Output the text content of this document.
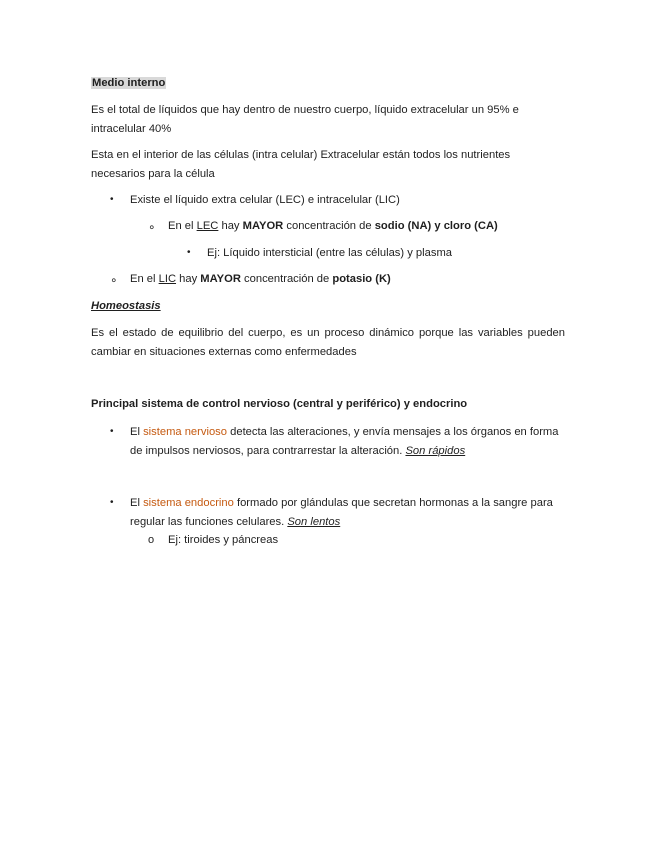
Medio interno

Es el total de líquidos que hay dentro de nuestro cuerpo, líquido extracelular un 95% e intracelular 40%

Esta en el interior de las células (intra celular) Extracelular están todos los nutrientes necesarios para la célula

• Existe el líquido extra celular (LEC) e intracelular (LIC)
∘ En el LEC hay MAYOR concentración de sodio (NA) y cloro (CA)
• Ej: Líquido intersticial (entre las células) y plasma
∘ En el LIC hay MAYOR concentración de potasio (K)
Homeostasis

Es el estado de equilibrio del cuerpo, es un proceso dinámico porque las variables pueden cambiar en situaciones externas como enfermedades

Principal sistema de control nervioso (central y periférico) y endocrino
• El sistema nervioso detecta las alteraciones, y envía mensajes a los órganos en forma de impulsos nerviosos, para contrarrestar la alteración. Son rápidos

• El sistema endocrino formado por glándulas que secretan hormonas a la sangre para regular las funciones celulares. Son lentos

o Ej: tiroides y páncreas
